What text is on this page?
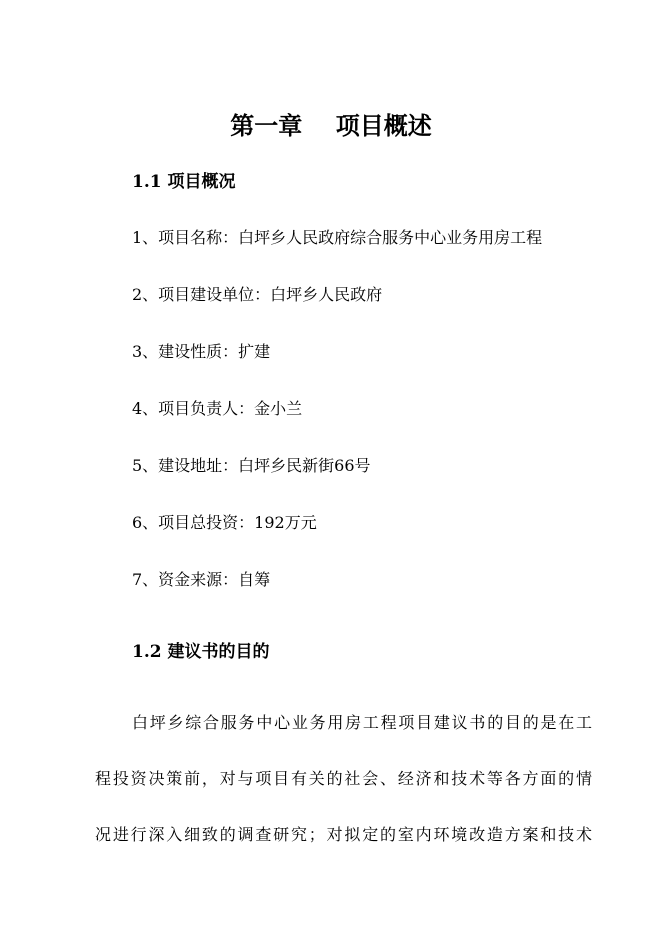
第一章    项目概述
1.1 项目概况
1、项目名称：白坪乡人民政府综合服务中心业务用房工程
2、项目建设单位：白坪乡人民政府
3、建设性质：扩建
4、项目负责人：金小兰
5、建设地址：白坪乡民新街66号
6、项目总投资：192万元
7、资金来源：自筹
1.2 建议书的目的
白坪乡综合服务中心业务用房工程项目建议书的目的是在工
程投资决策前，对与项目有关的社会、经济和技术等各方面的情
况进行深入细致的调查研究；对拟定的室内环境改造方案和技术
